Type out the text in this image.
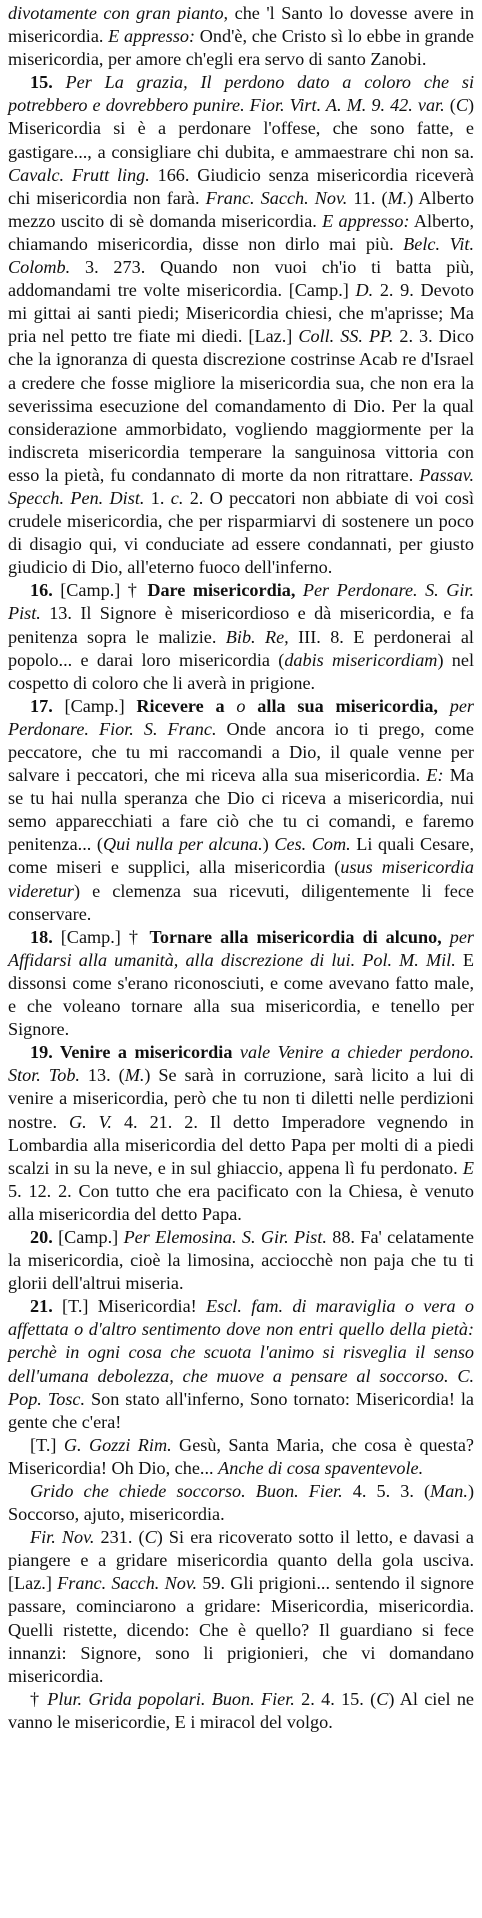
divotamente con gran pianto, che 'l Santo lo dovesse avere in misericordia. E appresso: Ond'è, che Cristo sì lo ebbe in grande misericordia, per amore ch'egli era servo di santo Zanobi.

15. Per La grazia, Il perdono dato a coloro che si potrebbero e dovrebbero punire. Fior. Virt. A. M. 9. 42. var. (C) Misericordia si è a perdonare l'offese, che sono fatte, e gastigare..., a consigliare chi dubita, e ammaestrare chi non sa. Cavalc. Frutt ling. 166. Giudicio senza misericordia riceverà chi misericordia non farà. Franc. Sacch. Nov. 11. (M.) Alberto mezzo uscito di sè domanda misericordia. E appresso: Alberto, chiamando misericordia, disse non dirlo mai più. Belc. Vit. Colomb. 3. 273. Quando non vuoi ch'io ti batta più, addomandami tre volte misericordia. [Camp.] D. 2. 9. Devoto mi gittai ai santi piedi; Misericordia chiesi, che m'aprisse; Ma pria nel petto tre fiate mi diedi. [Laz.] Coll. SS. PP. 2. 3. Dico che la ignoranza di questa discrezione costrinse Acab re d'Israel a credere che fosse migliore la misericordia sua, che non era la severissima esecuzione del comandamento di Dio. Per la qual considerazione ammorbidato, vogliendo maggiormente per la indiscreta misericordia temperare la sanguinosa vittoria con esso la pietà, fu condannato di morte da non ritrattare. Passav. Specch. Pen. Dist. 1. c. 2. O peccatori non abbiate di voi così crudele misericordia, che per risparmiarvi di sostenere un poco di disagio qui, vi conduciate ad essere condannati, per giusto giudicio di Dio, all'eterno fuoco dell'inferno.

16. [Camp.] † Dare misericordia, Per Perdonare. S. Gir. Pist. 13. Il Signore è misericordioso e dà misericordia, e fa penitenza sopra le malizie. Bib. Re, III. 8. E perdonerai al popolo... e darai loro misericordia (dabis misericordiam) nel cospetto di coloro che li averà in prigione.

17. [Camp.] Ricevere a o alla sua misericordia, per Perdonare. Fior. S. Franc. Onde ancora io ti prego, come peccatore, che tu mi raccomandi a Dio, il quale venne per salvare i peccatori, che mi riceva alla sua misericordia. E: Ma se tu hai nulla speranza che Dio ci riceva a misericordia, nui semo apparecchiati a fare ciò che tu ci comandi, e faremo penitenza... (Qui nulla per alcuna.) Ces. Com. Li quali Cesare, come miseri e supplici, alla misericordia (usus misericordia videretur) e clemenza sua ricevuti, diligentemente li fece conservare.

18. [Camp.] † Tornare alla misericordia di alcuno, per Affidarsi alla umanità, alla discrezione di lui. Pol. M. Mil. E dissonsi come s'erano riconosciuti, e come avevano fatto male, e che voleano tornare alla sua misericordia, e tenello per Signore.

19. Venire a misericordia vale Venire a chieder perdono. Stor. Tob. 13. (M.) Se sarà in corruzione, sarà licito a lui di venire a misericordia, però che tu non ti diletti nelle perdizioni nostre. G. V. 4. 21. 2. Il detto Imperadore vegnendo in Lombardia alla misericordia del detto Papa per molti di a piedi scalzi in su la neve, e in sul ghiaccio, appena lì fu perdonato. E 5. 12. 2. Con tutto che era pacificato con la Chiesa, è venuto alla misericordia del detto Papa.

20. [Camp.] Per Elemosina. S. Gir. Pist. 88. Fa' celatamente la misericordia, cioè la limosina, acciocchè non paja che tu ti glorii dell'altrui miseria.

21. [T.] Misericordia! Escl. fam. di maraviglia o vera o affettata o d'altro sentimento dove non entri quello della pietà: perchè in ogni cosa che scuota l'animo si risveglia il senso dell'umana debolezza, che muove a pensare al soccorso. C. Pop. Tosc. Son stato all'inferno, Sono tornato: Misericordia! la gente che c'era!

[T.] G. Gozzi Rim. Gesù, Santa Maria, che cosa è questa? Misericordia! Oh Dio, che... Anche di cosa spaventevole.

Grido che chiede soccorso. Buon. Fier. 4. 5. 3. (Man.) Soccorso, ajuto, misericordia.

Fir. Nov. 231. (C) Si era ricoverato sotto il letto, e davasi a piangere e a gridare misericordia quanto della gola usciva. [Laz.] Franc. Sacch. Nov. 59. Gli prigioni... sentendo il signore passare, cominciarono a gridare: Misericordia, misericordia. Quelli ristette, dicendo: Che è quello? Il guardiano si fece innanzi: Signore, sono li prigionieri, che vi domandano misericordia.

† Plur. Grida popolari. Buon. Fier. 2. 4. 15. (C) Al ciel ne vanno le misericordie, E i miracol del volgo.
